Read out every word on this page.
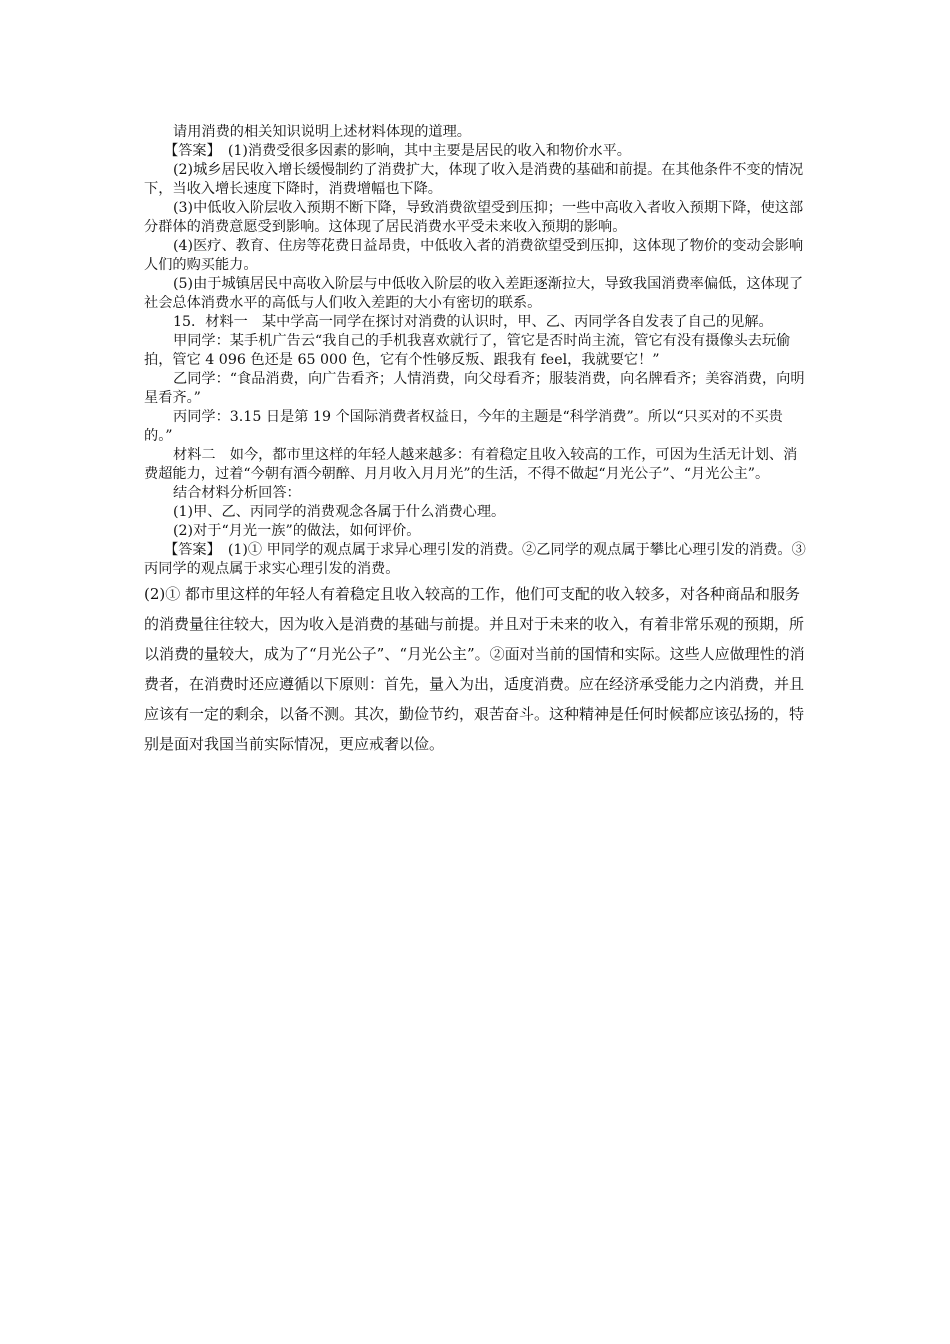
请用消费的相关知识说明上述材料体现的道理。

【答案】　(1)消费受很多因素的影响，其中主要是居民的收入和物价水平。

(2)城乡居民收入增长缓慢制约了消费扩大，体现了收入是消费的基础和前提。在其他条件不变的情况下，当收入增长速度下降时，消费增幅也下降。

(3)中低收入阶层收入预期不断下降，导致消费欲望受到压抑；一些中高收入者收入预期下降，使这部分群体的消费意愿受到影响。这体现了居民消费水平受未来收入预期的影响。

(4)医疗、教育、住房等花费日益昂贵，中低收入者的消费欲望受到压抑，这体现了物价的变动会影响人们的购买能力。

(5)由于城镇居民中高收入阶层与中低收入阶层的收入差距逐渐拉大，导致我国消费率偏低，这体现了社会总体消费水平的高低与人们收入差距的大小有密切的联系。

15．材料一　某中学高一同学在探讨对消费的认识时，甲、乙、丙同学各自发表了自己的见解。

甲同学：某手机广告云“我自己的手机我喜欢就行了，管它是否时尚主流，管它有没有摄像头去玩偷拍，管它 4 096 色还是 65 000 色，它有个性够反叛、跟我有 feel，我就要它！”

乙同学：“食品消费，向广告看齐；人情消费，向父母看齐；服装消费，向名牌看齐；美容消费，向明星看齐。”

丙同学：3.15 日是第 19 个国际消费者权益日，今年的主题是“科学消费”。所以“只买对的不买贵的。”

材料二　如今，都市里这样的年轻人越来越多：有着稳定且收入较高的工作，可因为生活无计划、消费超能力，过着“今朝有酒今朝醉、月月收入月月光”的生活，不得不做起“月光公子”、“月光公主”。

结合材料分析回答：

(1)甲、乙、丙同学的消费观念各属于什么消费心理。

(2)对于“月光一族”的做法，如何评价。

【答案】　(1)① 甲同学的观点属于求异心理引发的消费。②乙同学的观点属于攀比心理引发的消费。③丙同学的观点属于求实心理引发的消费。

(2)① 都市里这样的年轻人有着稳定且收入较高的工作，他们可支配的收入较多，对各种商品和服务的消费量往往较大，因为收入是消费的基础与前提。并且对于未来的收入，有着非常乐观的预期，所以消费的量较大，成为了“月光公子”、“月光公主”。②面对当前的国情和实际。这些人应做理性的消费者，在消费时还应遵循以下原则：首先，量入为出，适度消费。应在经济承受能力之内消费，并且应该有一定的剩余，以备不测。其次，勤俭节约，艰苦奋斗。这种精神是任何时候都应该弘扬的，特别是面对我国当前实际情况，更应戒奢以俭。
